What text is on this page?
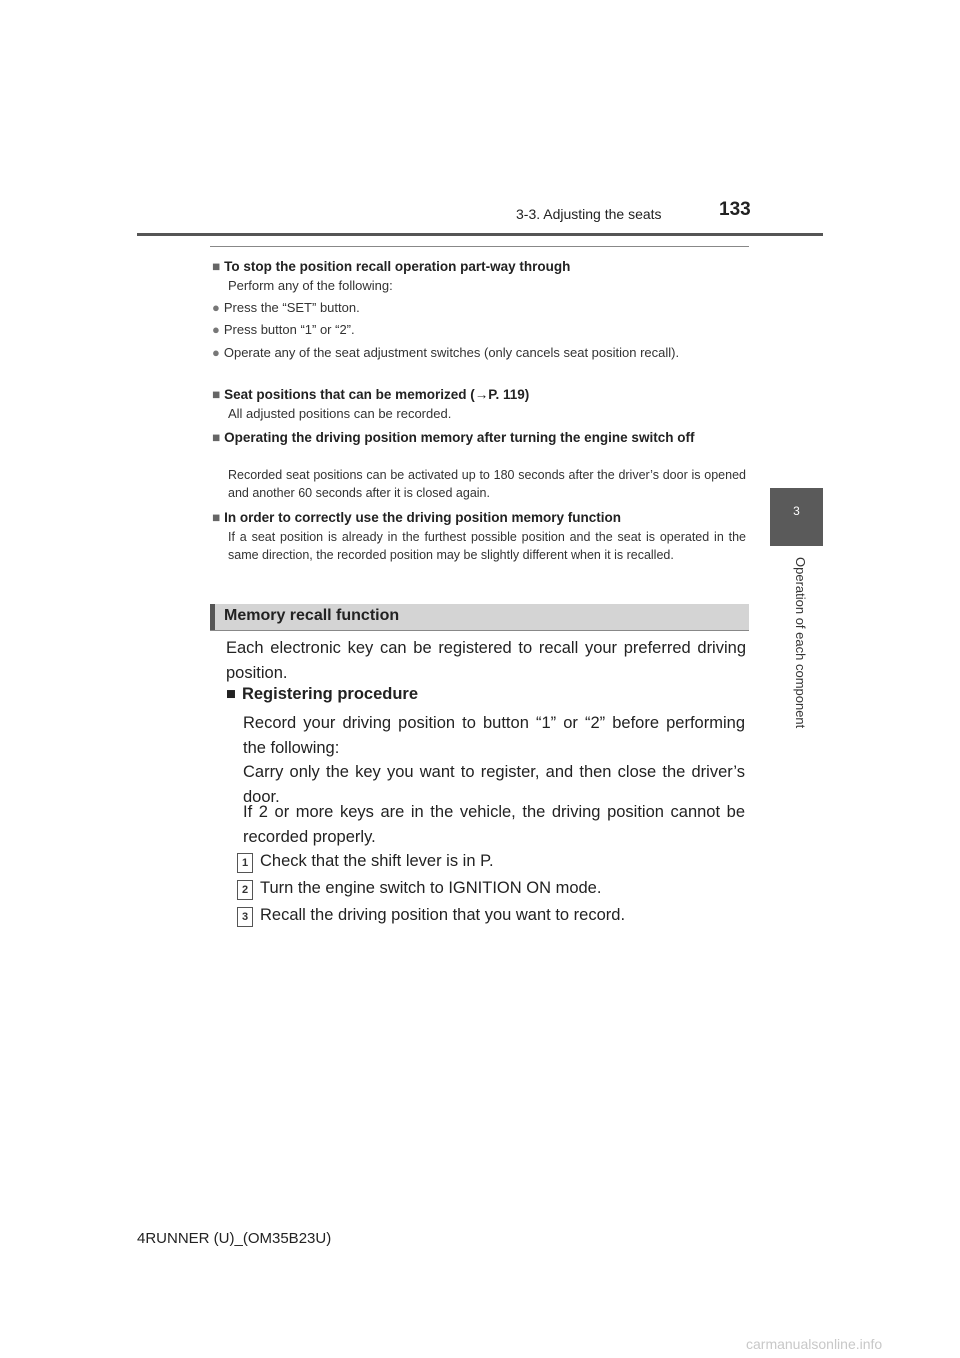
3-3. Adjusting the seats	133
3
Operation of each component
■ To stop the position recall operation part-way through
Perform any of the following:
● Press the “SET” button.
● Press button “1” or “2”.
● Operate any of the seat adjustment switches (only cancels seat position recall).
■ Seat positions that can be memorized (→P. 119)
All adjusted positions can be recorded.
■ Operating the driving position memory after turning the engine switch off
Recorded seat positions can be activated up to 180 seconds after the driver’s door is opened and another 60 seconds after it is closed again.
■ In order to correctly use the driving position memory function
If a seat position is already in the furthest possible position and the seat is operated in the same direction, the recorded position may be slightly different when it is recalled.
Memory recall function
Each electronic key can be registered to recall your preferred driving position.
■ Registering procedure
Record your driving position to button “1” or “2” before performing the following:
Carry only the key you want to register, and then close the driver’s door.
If 2 or more keys are in the vehicle, the driving position cannot be recorded properly.
1 Check that the shift lever is in P.
2 Turn the engine switch to IGNITION ON mode.
3 Recall the driving position that you want to record.
4RUNNER (U)_(OM35B23U)
carmanualsonline.info
